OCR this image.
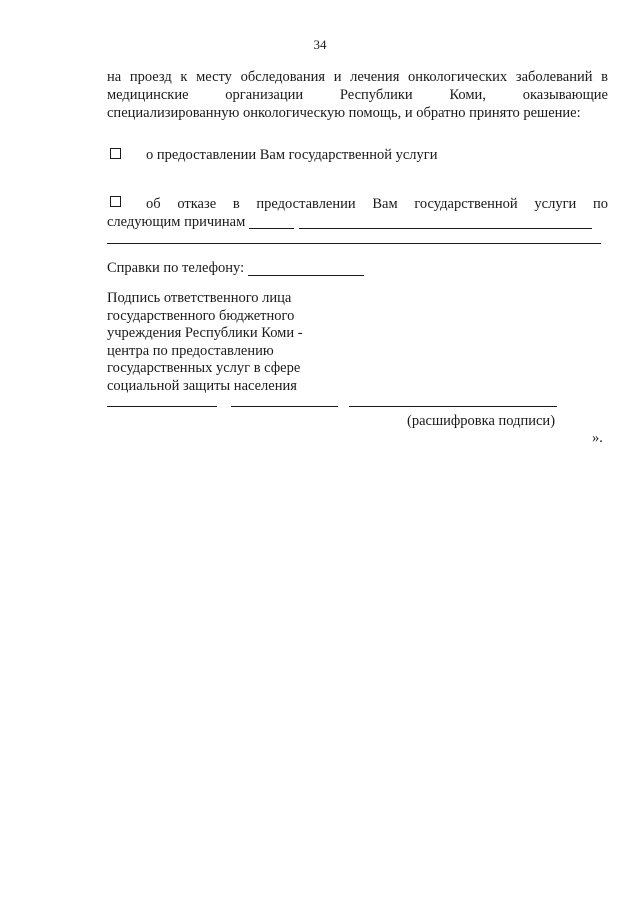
34
на проезд к месту обследования и лечения онкологических заболеваний в
медицинские организации Республики Коми, оказывающие
специализированную онкологическую помощь, и обратно принято решение:
о предоставлении Вам государственной услуги
об отказе в предоставлении Вам государственной услуги по
следующим причинам
Справки по телефону:
Подпись ответственного лица
государственного бюджетного
учреждения Республики Коми -
центра по предоставлению
государственных услуг в сфере
социальной защиты населения
(расшифровка подписи)
».
